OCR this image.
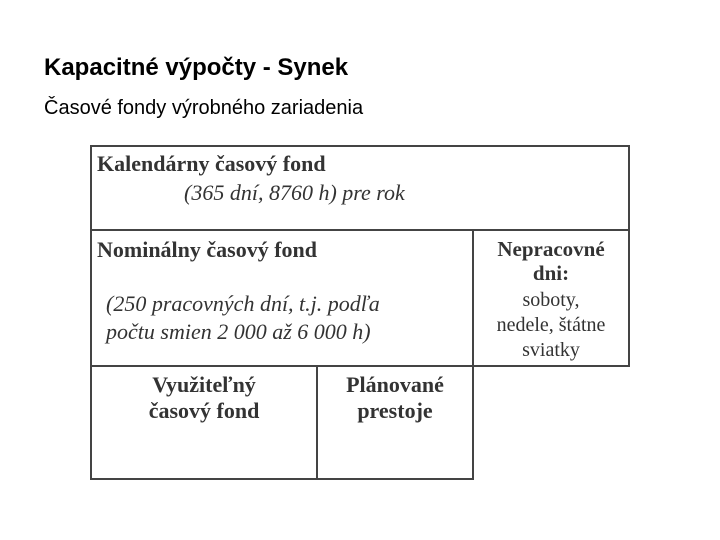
Kapacitné výpočty - Synek
Časové fondy výrobného zariadenia
Kalendárny časový fond
(365 dní, 8760 h) pre rok
Nominálny časový fond
(250 pracovných dní, t.j. podľa
počtu smien 2 000 až 6 000 h)
Nepracovné
dni:
soboty,
nedele, štátne
sviatky
Využiteľný
časový fond
Plánované
prestoje
